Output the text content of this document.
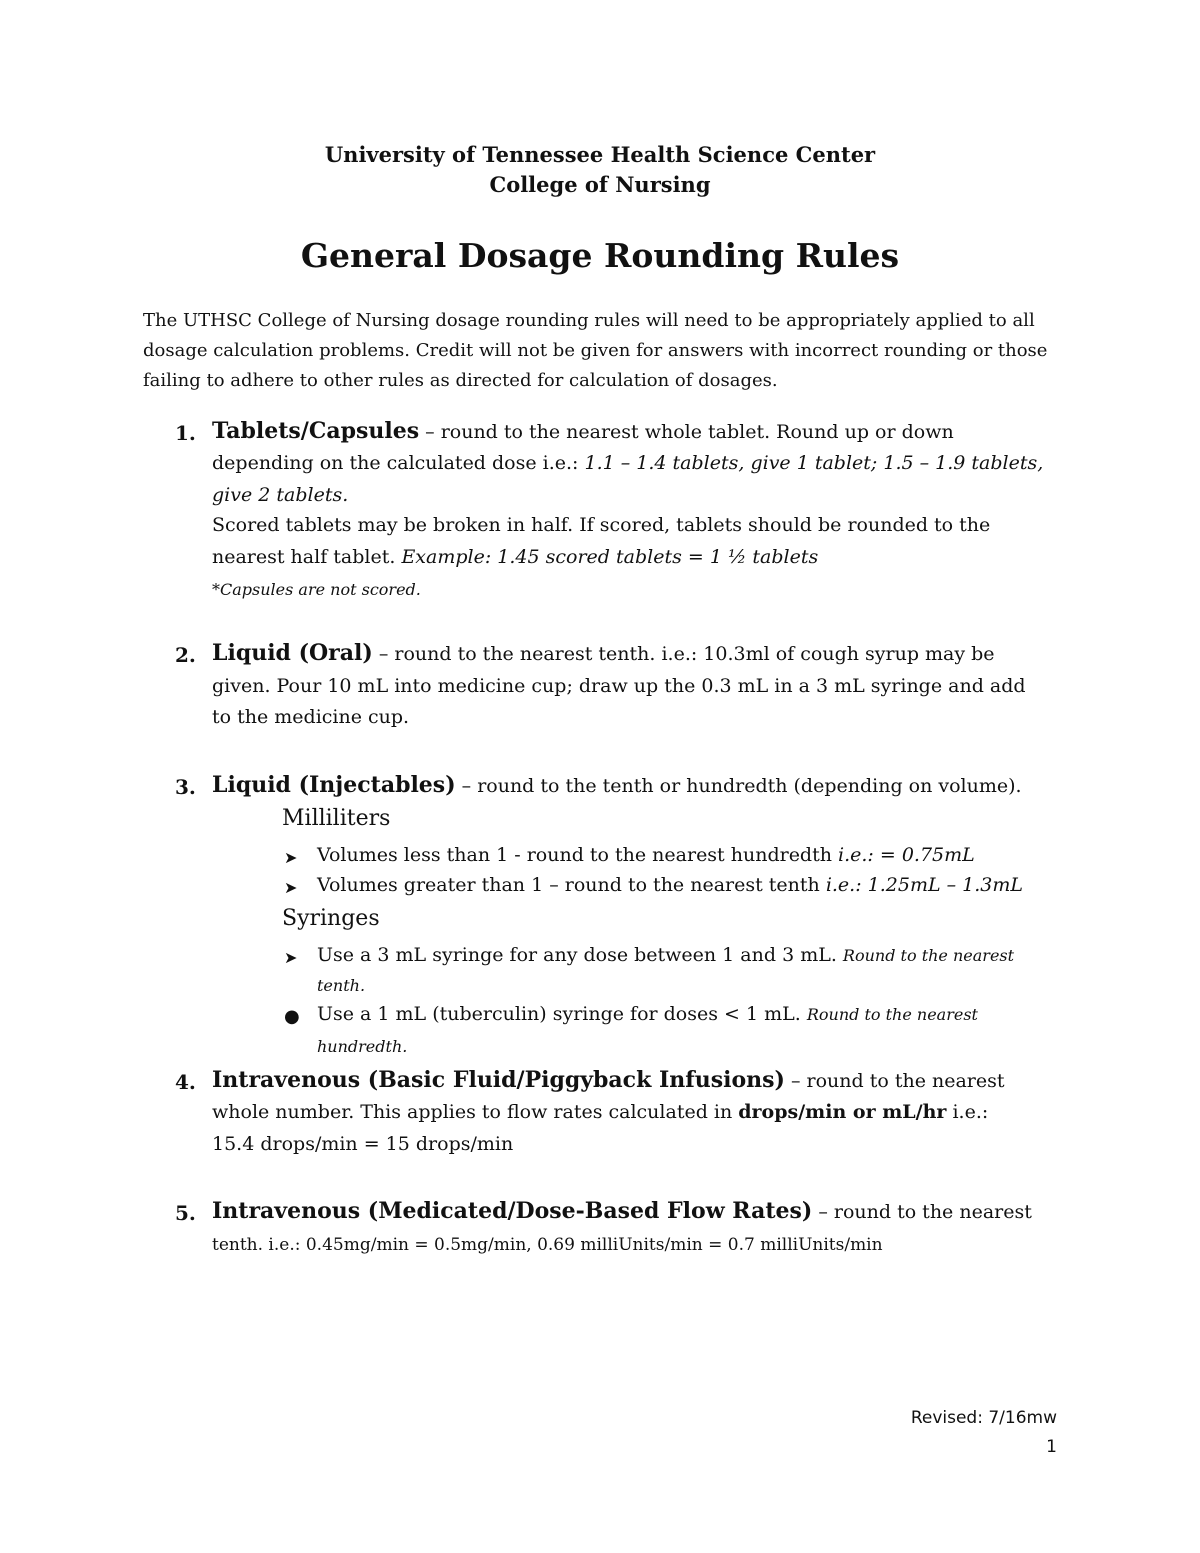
University of Tennessee Health Science Center
College of Nursing
General Dosage Rounding Rules
The UTHSC College of Nursing dosage rounding rules will need to be appropriately applied to all
dosage calculation problems. Credit will not be given for answers with incorrect rounding or those
failing to adhere to other rules as directed for calculation of dosages.
1. Tablets/Capsules – round to the nearest whole tablet. Round up or down
depending on the calculated dose i.e.: 1.1 – 1.4 tablets, give 1 tablet; 1.5 – 1.9 tablets,
give 2 tablets.
Scored tablets may be broken in half. If scored, tablets should be rounded to the
nearest half tablet. Example: 1.45 scored tablets = 1 ½ tablets
*Capsules are not scored.
2. Liquid (Oral) – round to the nearest tenth. i.e.: 10.3ml of cough syrup may be
given. Pour 10 mL into medicine cup; draw up the 0.3 mL in a 3 mL syringe and add
to the medicine cup.
3. Liquid (Injectables) – round to the tenth or hundredth (depending on volume).
Milliliters
➤ Volumes less than 1 - round to the nearest hundredth i.e.: = 0.75mL
➤ Volumes greater than 1 – round to the nearest tenth i.e.: 1.25mL – 1.3mL
Syringes
➤ Use a 3 mL syringe for any dose between 1 and 3 mL. Round to the nearest
tenth.
● Use a 1 mL (tuberculin) syringe for doses < 1 mL. Round to the nearest
hundredth.
4. Intravenous (Basic Fluid/Piggyback Infusions) – round to the nearest
whole number. This applies to flow rates calculated in drops/min or mL/hr i.e.:
15.4 drops/min = 15 drops/min
5. Intravenous (Medicated/Dose-Based Flow Rates) – round to the nearest
tenth. i.e.: 0.45mg/min = 0.5mg/min, 0.69 milliUnits/min = 0.7 milliUnits/min
Revised: 7/16mw
1
